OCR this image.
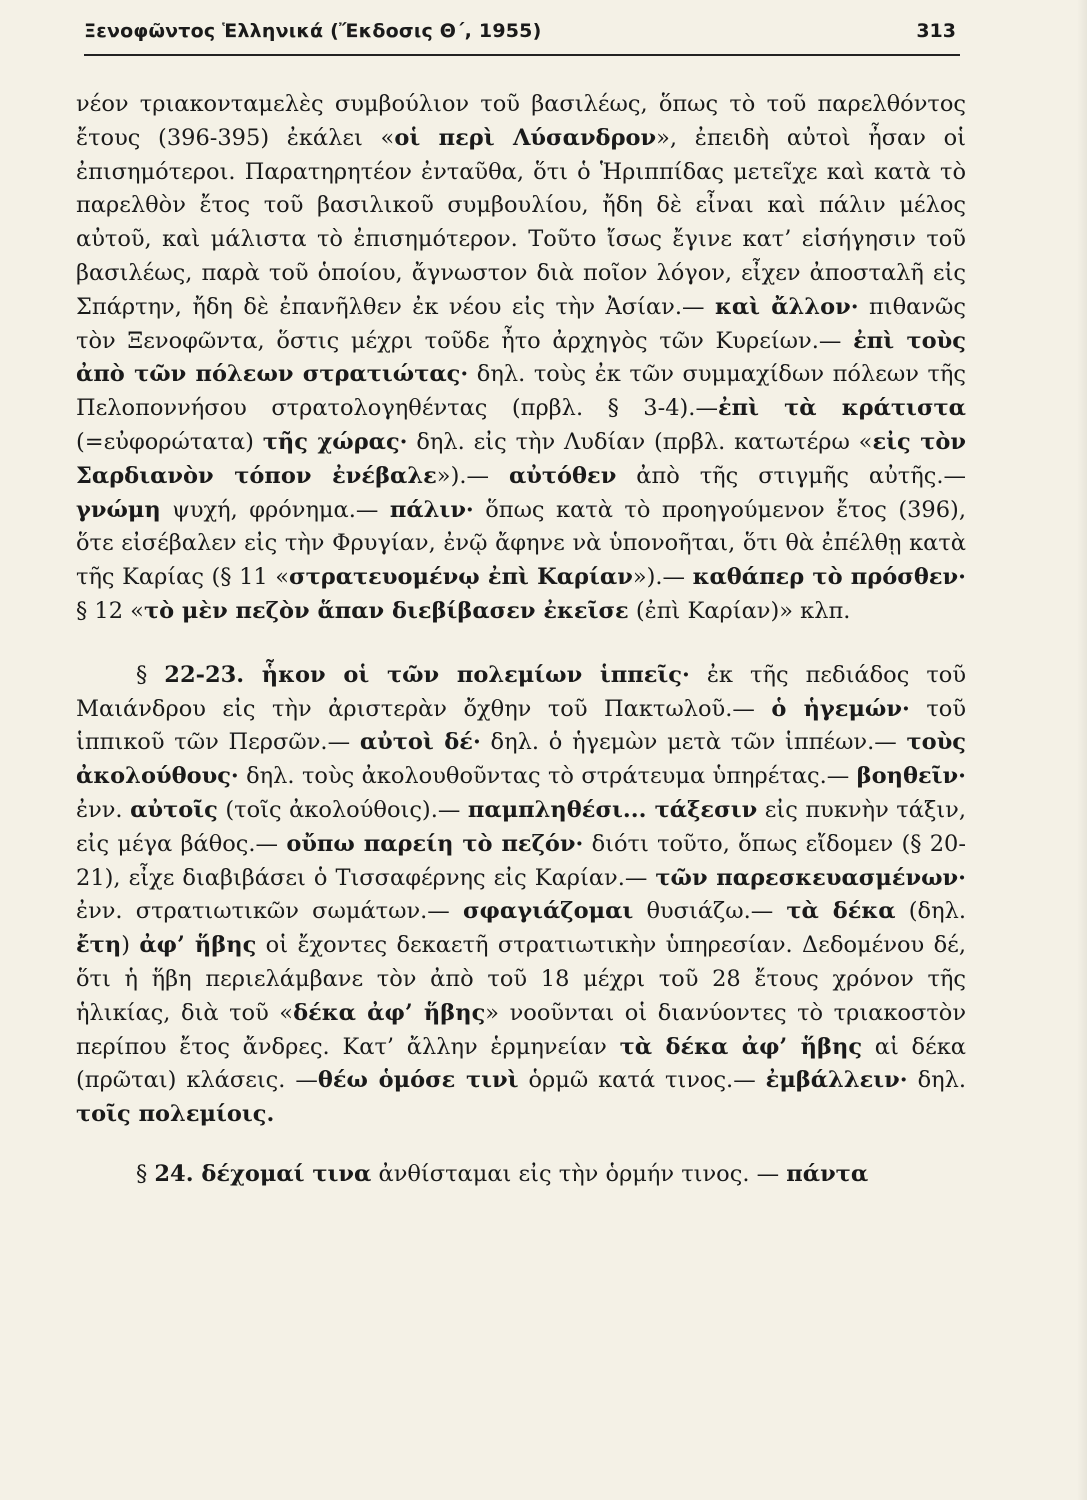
Ξενοφῶντος Ἑλληνικά (Ἔκδοσις Θ΄, 1955)	313

νέον τριακονταμελὲς συμβούλιον τοῦ βασιλέως, ὅπως τὸ τοῦ παρελθόντος ἔτους (396-395) ἐκάλει «οἱ περὶ Λύσανδρον», ἐπειδὴ αὐτοὶ ἦσαν οἱ ἐπισημότεροι. Παρατηρητέον ἐνταῦθα, ὅτι ὁ Ἡριππίδας μετεῖχε καὶ κατὰ τὸ παρελθὸν ἔτος τοῦ βασιλικοῦ συμβουλίου, ἤδη δὲ εἶναι καὶ πάλιν μέλος αὐτοῦ, καὶ μάλιστα τὸ ἐπισημότερον. Τοῦτο ἴσως ἔγινε κατ’ εἰσήγησιν τοῦ βασιλέως, παρὰ τοῦ ὁποίου, ἄγνωστον διὰ ποῖον λόγον, εἶχεν ἀποσταλῆ εἰς Σπάρτην, ἤδη δὲ ἐπανῆλθεν ἐκ νέου εἰς τὴν Ἀσίαν.— καὶ ἄλλον· πιθανῶς τὸν Ξενοφῶντα, ὅστις μέχρι τοῦδε ἦτο ἀρχηγὸς τῶν Κυρείων.— ἐπὶ τοὺς ἀπὸ τῶν πόλεων στρατιώτας· δηλ. τοὺς ἐκ τῶν συμμαχίδων πόλεων τῆς Πελοποννήσου στρατολογηθέντας (πρβλ. § 3-4).—ἐπὶ τὰ κράτιστα (=εὐφορώτατα) τῆς χώρας· δηλ. εἰς τὴν Λυδίαν (πρβλ. κατωτέρω «εἰς τὸν Σαρδιανὸν τόπον ἐνέβαλε»).— αὐτόθεν ἀπὸ τῆς στιγμῆς αὐτῆς.— γνώμη ψυχή, φρόνημα.— πάλιν· ὅπως κατὰ τὸ προηγούμενον ἔτος (396), ὅτε εἰσέβαλεν εἰς τὴν Φρυγίαν, ἐνῷ ἄφηνε νὰ ὑπονοῆται, ὅτι θὰ ἐπέλθῃ κατὰ τῆς Καρίας (§ 11 «στρατευομένῳ ἐπὶ Καρίαν»).— καθάπερ τὸ πρόσθεν· § 12 «τὸ μὲν πεζὸν ἅπαν διεβίβασεν ἐκεῖσε (ἐπὶ Καρίαν)» κλπ.

§ 22-23. ἧκον οἱ τῶν πολεμίων ἱππεῖς· ἐκ τῆς πεδιάδος τοῦ Μαιάνδρου εἰς τὴν ἀριστερὰν ὄχθην τοῦ Πακτωλοῦ.— ὁ ἡγεμών· τοῦ ἱππικοῦ τῶν Περσῶν.— αὐτοὶ δέ· δηλ. ὁ ἡγεμὼν μετὰ τῶν ἱππέων.— τοὺς ἀκολούθους· δηλ. τοὺς ἀκολουθοῦντας τὸ στράτευμα ὑπηρέτας.— βοηθεῖν· ἐνν. αὐτοῖς (τοῖς ἀκολούθοις).— παμπληθέσι... τάξεσιν εἰς πυκνὴν τάξιν, εἰς μέγα βάθος.— οὔπω παρείη τὸ πεζόν· διότι τοῦτο, ὅπως εἴδομεν (§ 20-21), εἶχε διαβιβάσει ὁ Τισσαφέρνης εἰς Καρίαν.— τῶν παρεσκευασμένων· ἐνν. στρατιωτικῶν σωμάτων.— σφαγιάζομαι θυσιάζω.— τὰ δέκα (δηλ. ἔτη) ἀφ’ ἥβης οἱ ἔχοντες δεκαετῆ στρατιωτικὴν ὑπηρεσίαν. Δεδομένου δέ, ὅτι ἡ ἥβη περιελάμβανε τὸν ἀπὸ τοῦ 18 μέχρι τοῦ 28 ἔτους χρόνον τῆς ἡλικίας, διὰ τοῦ «δέκα ἀφ’ ἥβης» νοοῦνται οἱ διανύοντες τὸ τριακοστὸν περίπου ἔτος ἄνδρες. Κατ’ ἄλλην ἑρμηνείαν τὰ δέκα ἀφ’ ἥβης αἱ δέκα (πρῶται) κλάσεις. —θέω ὁμόσε τινὶ ὁρμῶ κατά τινος.— ἐμβάλλειν· δηλ. τοῖς πολεμίοις.

§ 24. δέχομαί τινα ἀνθίσταμαι εἰς τὴν ὁρμήν τινος. — πάντα
